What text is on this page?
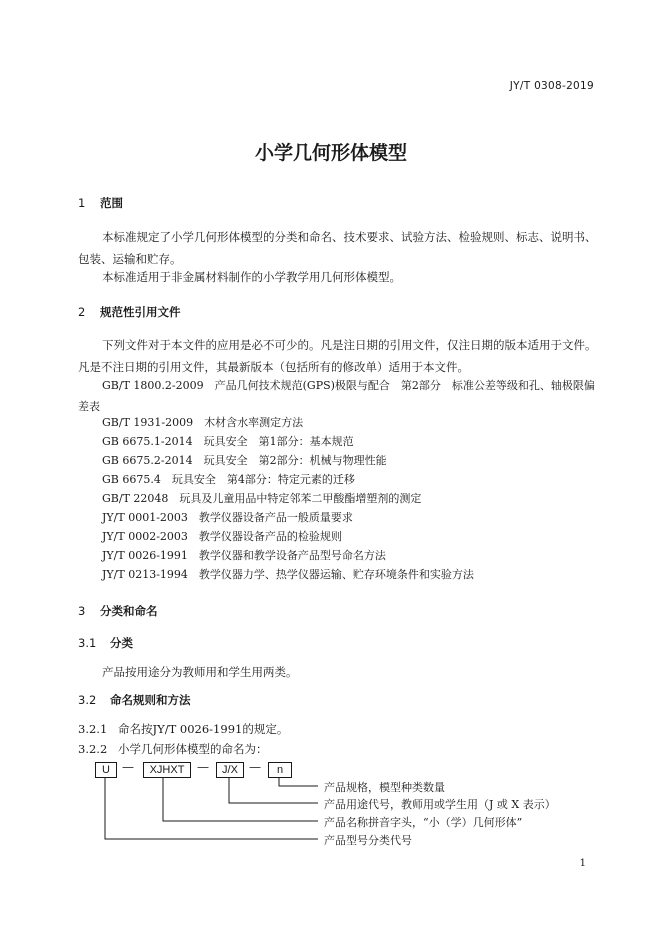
JY/T 0308-2019
小学几何形体模型
1 范围
本标准规定了小学几何形体模型的分类和命名、技术要求、试验方法、检验规则、标志、说明书、包装、运输和贮存。
本标准适用于非金属材料制作的小学教学用几何形体模型。
2 规范性引用文件
下列文件对于本文件的应用是必不可少的。凡是注日期的引用文件，仅注日期的版本适用于文件。凡是不注日期的引用文件，其最新版本（包括所有的修改单）适用于本文件。
GB/T 1800.2-2009　产品几何技术规范(GPS)极限与配合　第2部分　标准公差等级和孔、轴极限偏
差表
GB/T 1931-2009　木材含水率测定方法
GB 6675.1-2014　玩具安全　第1部分：基本规范
GB 6675.2-2014　玩具安全　第2部分：机械与物理性能
GB 6675.4　玩具安全　第4部分：特定元素的迁移
GB/T 22048　玩具及儿童用品中特定邻苯二甲酸酯增塑剂的测定
JY/T 0001-2003　教学仪器设备产品一般质量要求
JY/T 0002-2003　教学仪器设备产品的检验规则
JY/T 0026-1991　教学仪器和教学设备产品型号命名方法
JY/T 0213-1994　教学仪器力学、热学仪器运输、贮存环境条件和实验方法
3 分类和命名
3.1 分类
产品按用途分为教师用和学生用两类。
3.2 命名规则和方法
3.2.1 命名按JY/T 0026-1991的规定。
3.2.2 小学几何形体模型的命名为：
U	—	XJHXT	—	J/X —	n
产品规格，模型种类数量
产品用途代号，教师用或学生用（J 或 X 表示）
产品名称拼音字头，“小（学）几何形体”
产品型号分类代号
1
